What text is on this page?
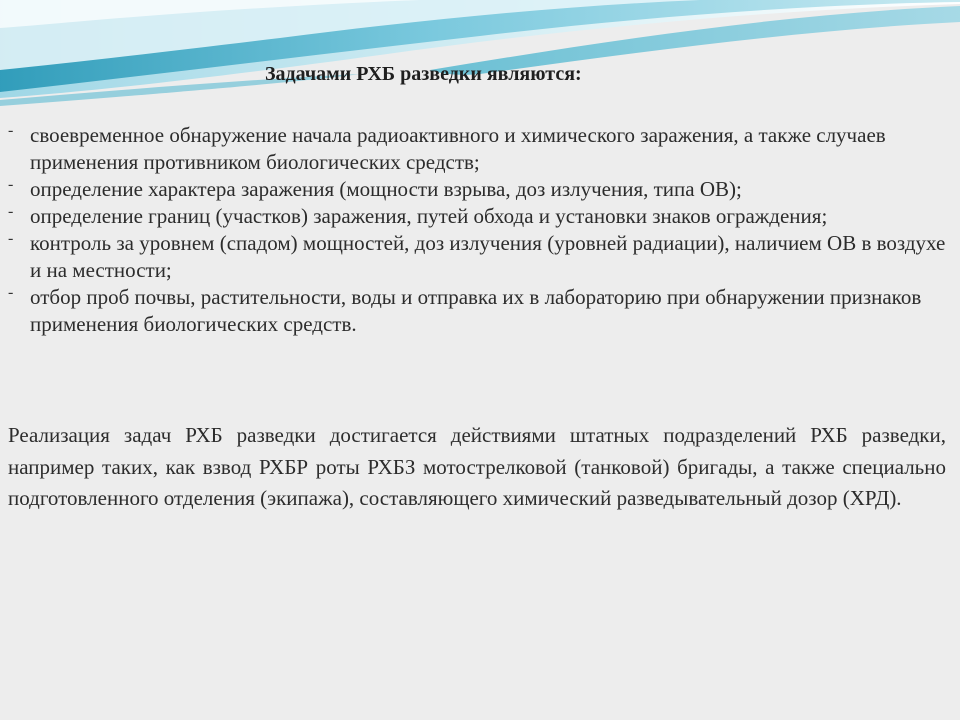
Задачами РХБ разведки являются:
- своевременное обнаружение начала радиоактивного и химического заражения, а также случаев применения противником биологических средств;
- определение характера заражения (мощности взрыва, доз излучения, типа ОВ);
- определение границ (участков) заражения, путей обхода и установки знаков ограждения;
- контроль за уровнем (спадом) мощностей, доз излучения (уровней радиации), наличием ОВ в воздухе и на местности;
- отбор проб почвы, растительности, воды и отправка их в лабораторию при обнаружении признаков применения биологических средств.

Реализация задач РХБ разведки достигается действиями штатных подразделений РХБ разведки, например таких, как взвод РХБР роты РХБЗ мотострелковой (танковой) бригады, а также специально подготовленного отделения (экипажа), составляющего химический разведывательный дозор (ХРД).
